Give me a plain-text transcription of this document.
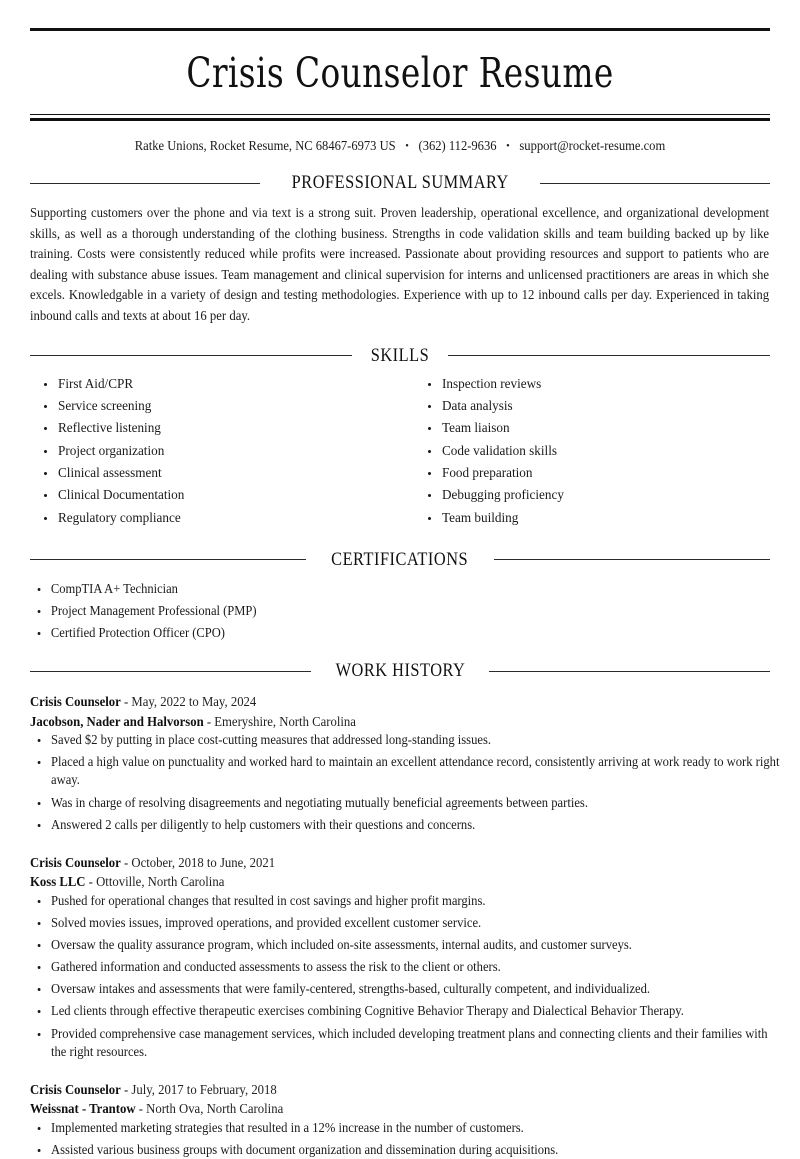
Crisis Counselor Resume
Ratke Unions, Rocket Resume, NC 68467-6973 US • (362) 112-9636 • support@rocket-resume.com
PROFESSIONAL SUMMARY

Supporting customers over the phone and via text is a strong suit. Proven leadership, operational excellence, and organizational development skills, as well as a thorough understanding of the clothing business. Strengths in code validation skills and team building backed up by like training. Costs were consistently reduced while profits were increased. Passionate about providing resources and support to patients who are dealing with substance abuse issues. Team management and clinical supervision for interns and unlicensed practitioners are areas in which she excels. Knowledgable in a variety of design and testing methodologies. Experience with up to 12 inbound calls per day. Experienced in taking inbound calls and texts at about 16 per day.

SKILLS
First Aid/CPR
Service screening
Reflective listening
Project organization
Clinical assessment
Clinical Documentation
Regulatory compliance
Inspection reviews
Data analysis
Team liaison
Code validation skills
Food preparation
Debugging proficiency
Team building
CERTIFICATIONS
CompTIA A+ Technician
Project Management Professional (PMP)
Certified Protection Officer (CPO)
WORK HISTORY
Crisis Counselor - May, 2022 to May, 2024
Jacobson, Nader and Halvorson - Emeryshire, North Carolina
Saved $2 by putting in place cost-cutting measures that addressed long-standing issues.
Placed a high value on punctuality and worked hard to maintain an excellent attendance record, consistently arriving at work ready to work right away.
Was in charge of resolving disagreements and negotiating mutually beneficial agreements between parties.
Answered 2 calls per diligently to help customers with their questions and concerns.
Crisis Counselor - October, 2018 to June, 2021
Koss LLC - Ottoville, North Carolina
Pushed for operational changes that resulted in cost savings and higher profit margins.
Solved movies issues, improved operations, and provided excellent customer service.
Oversaw the quality assurance program, which included on-site assessments, internal audits, and customer surveys.
Gathered information and conducted assessments to assess the risk to the client or others.
Oversaw intakes and assessments that were family-centered, strengths-based, culturally competent, and individualized.
Led clients through effective therapeutic exercises combining Cognitive Behavior Therapy and Dialectical Behavior Therapy.
Provided comprehensive case management services, which included developing treatment plans and connecting clients and their families with the right resources.
Crisis Counselor - July, 2017 to February, 2018
Weissnat - Trantow - North Ova, North Carolina
Implemented marketing strategies that resulted in a 12% increase in the number of customers.
Assisted various business groups with document organization and dissemination during acquisitions.
